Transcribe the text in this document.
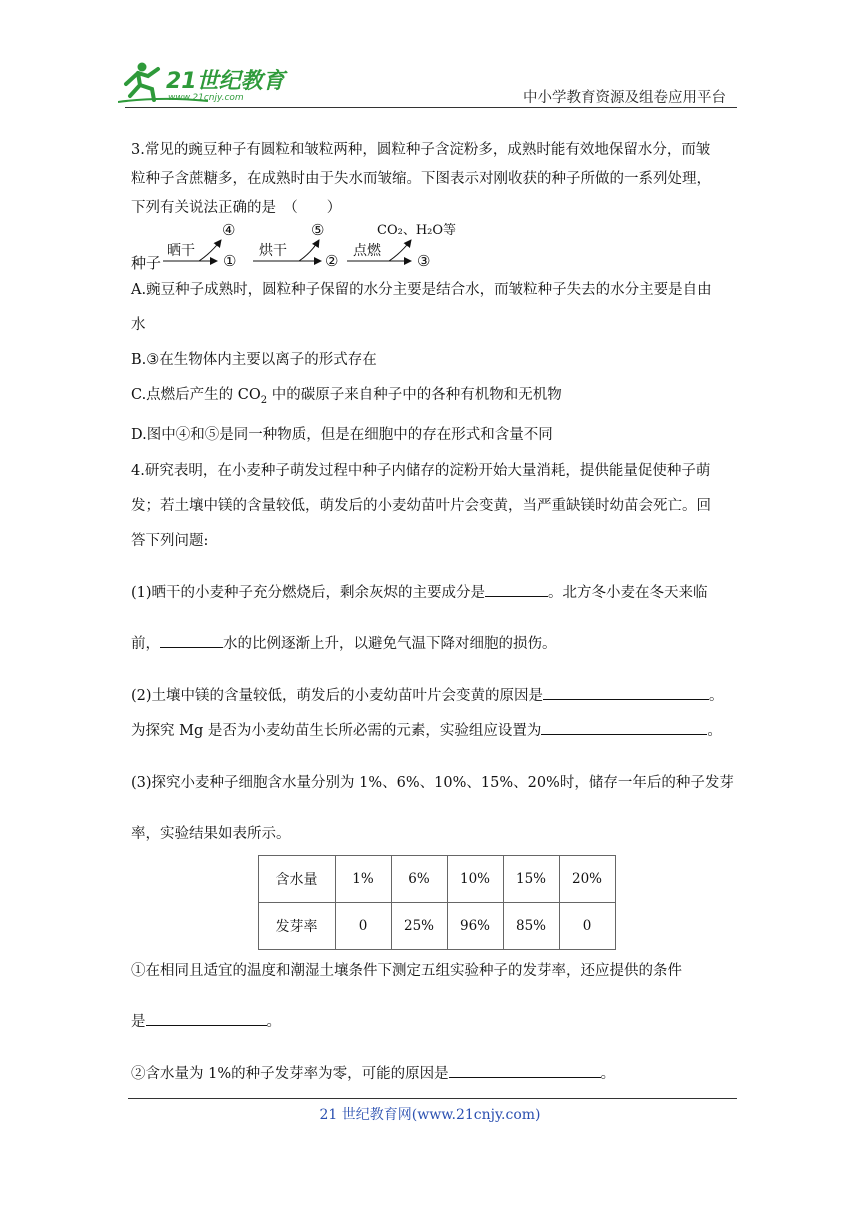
21世纪教育
www.21cnjy.com	中小学教育资源及组卷应用平台
3.常见的豌豆种子有圆粒和皱粒两种，圆粒种子含淀粉多，成熟时能有效地保留水分，而皱
粒种子含蔗糖多，在成熟时由于失水而皱缩。下图表示对刚收获的种子所做的一系列处理，
下列有关说法正确的是　（　　）
种子
晒干
①
④
烘干
②
⑤
点燃
③
CO₂、H₂O等
A.豌豆种子成熟时，圆粒种子保留的水分主要是结合水，而皱粒种子失去的水分主要是自由
水
B.③在生物体内主要以离子的形式存在
C.点燃后产生的 $CO_2$ 中的碳原子来自种子中的各种有机物和无机物
D.图中④和⑤是同一种物质，但是在细胞中的存在形式和含量不同
4.研究表明，在小麦种子萌发过程中种子内储存的淀粉开始大量消耗，提供能量促使种子萌
发；若土壤中镁的含量较低，萌发后的小麦幼苗叶片会变黄，当严重缺镁时幼苗会死亡。回
答下列问题:
(1)晒干的小麦种子充分燃烧后，剩余灰烬的主要成分是	。北方冬小麦在冬天来临
前，	水的比例逐渐上升，以避免气温下降对细胞的损伤。
(2)土壤中镁的含量较低，萌发后的小麦幼苗叶片会变黄的原因是	。
为探究 Mg 是否为小麦幼苗生长所必需的元素，实验组应设置为	。
(3)探究小麦种子细胞含水量分别为 1%、6%、10%、15%、20%时，储存一年后的种子发芽
率，实验结果如表所示。
含水量	1%	6%	10%	15%	20%
发芽率	0	25%	96%	85%	0
①在相同且适宜的温度和潮湿土壤条件下测定五组实验种子的发芽率，还应提供的条件
是	。
②含水量为 1%的种子发芽率为零，可能的原因是	。
21 世纪教育网(www.21cnjy.com)
